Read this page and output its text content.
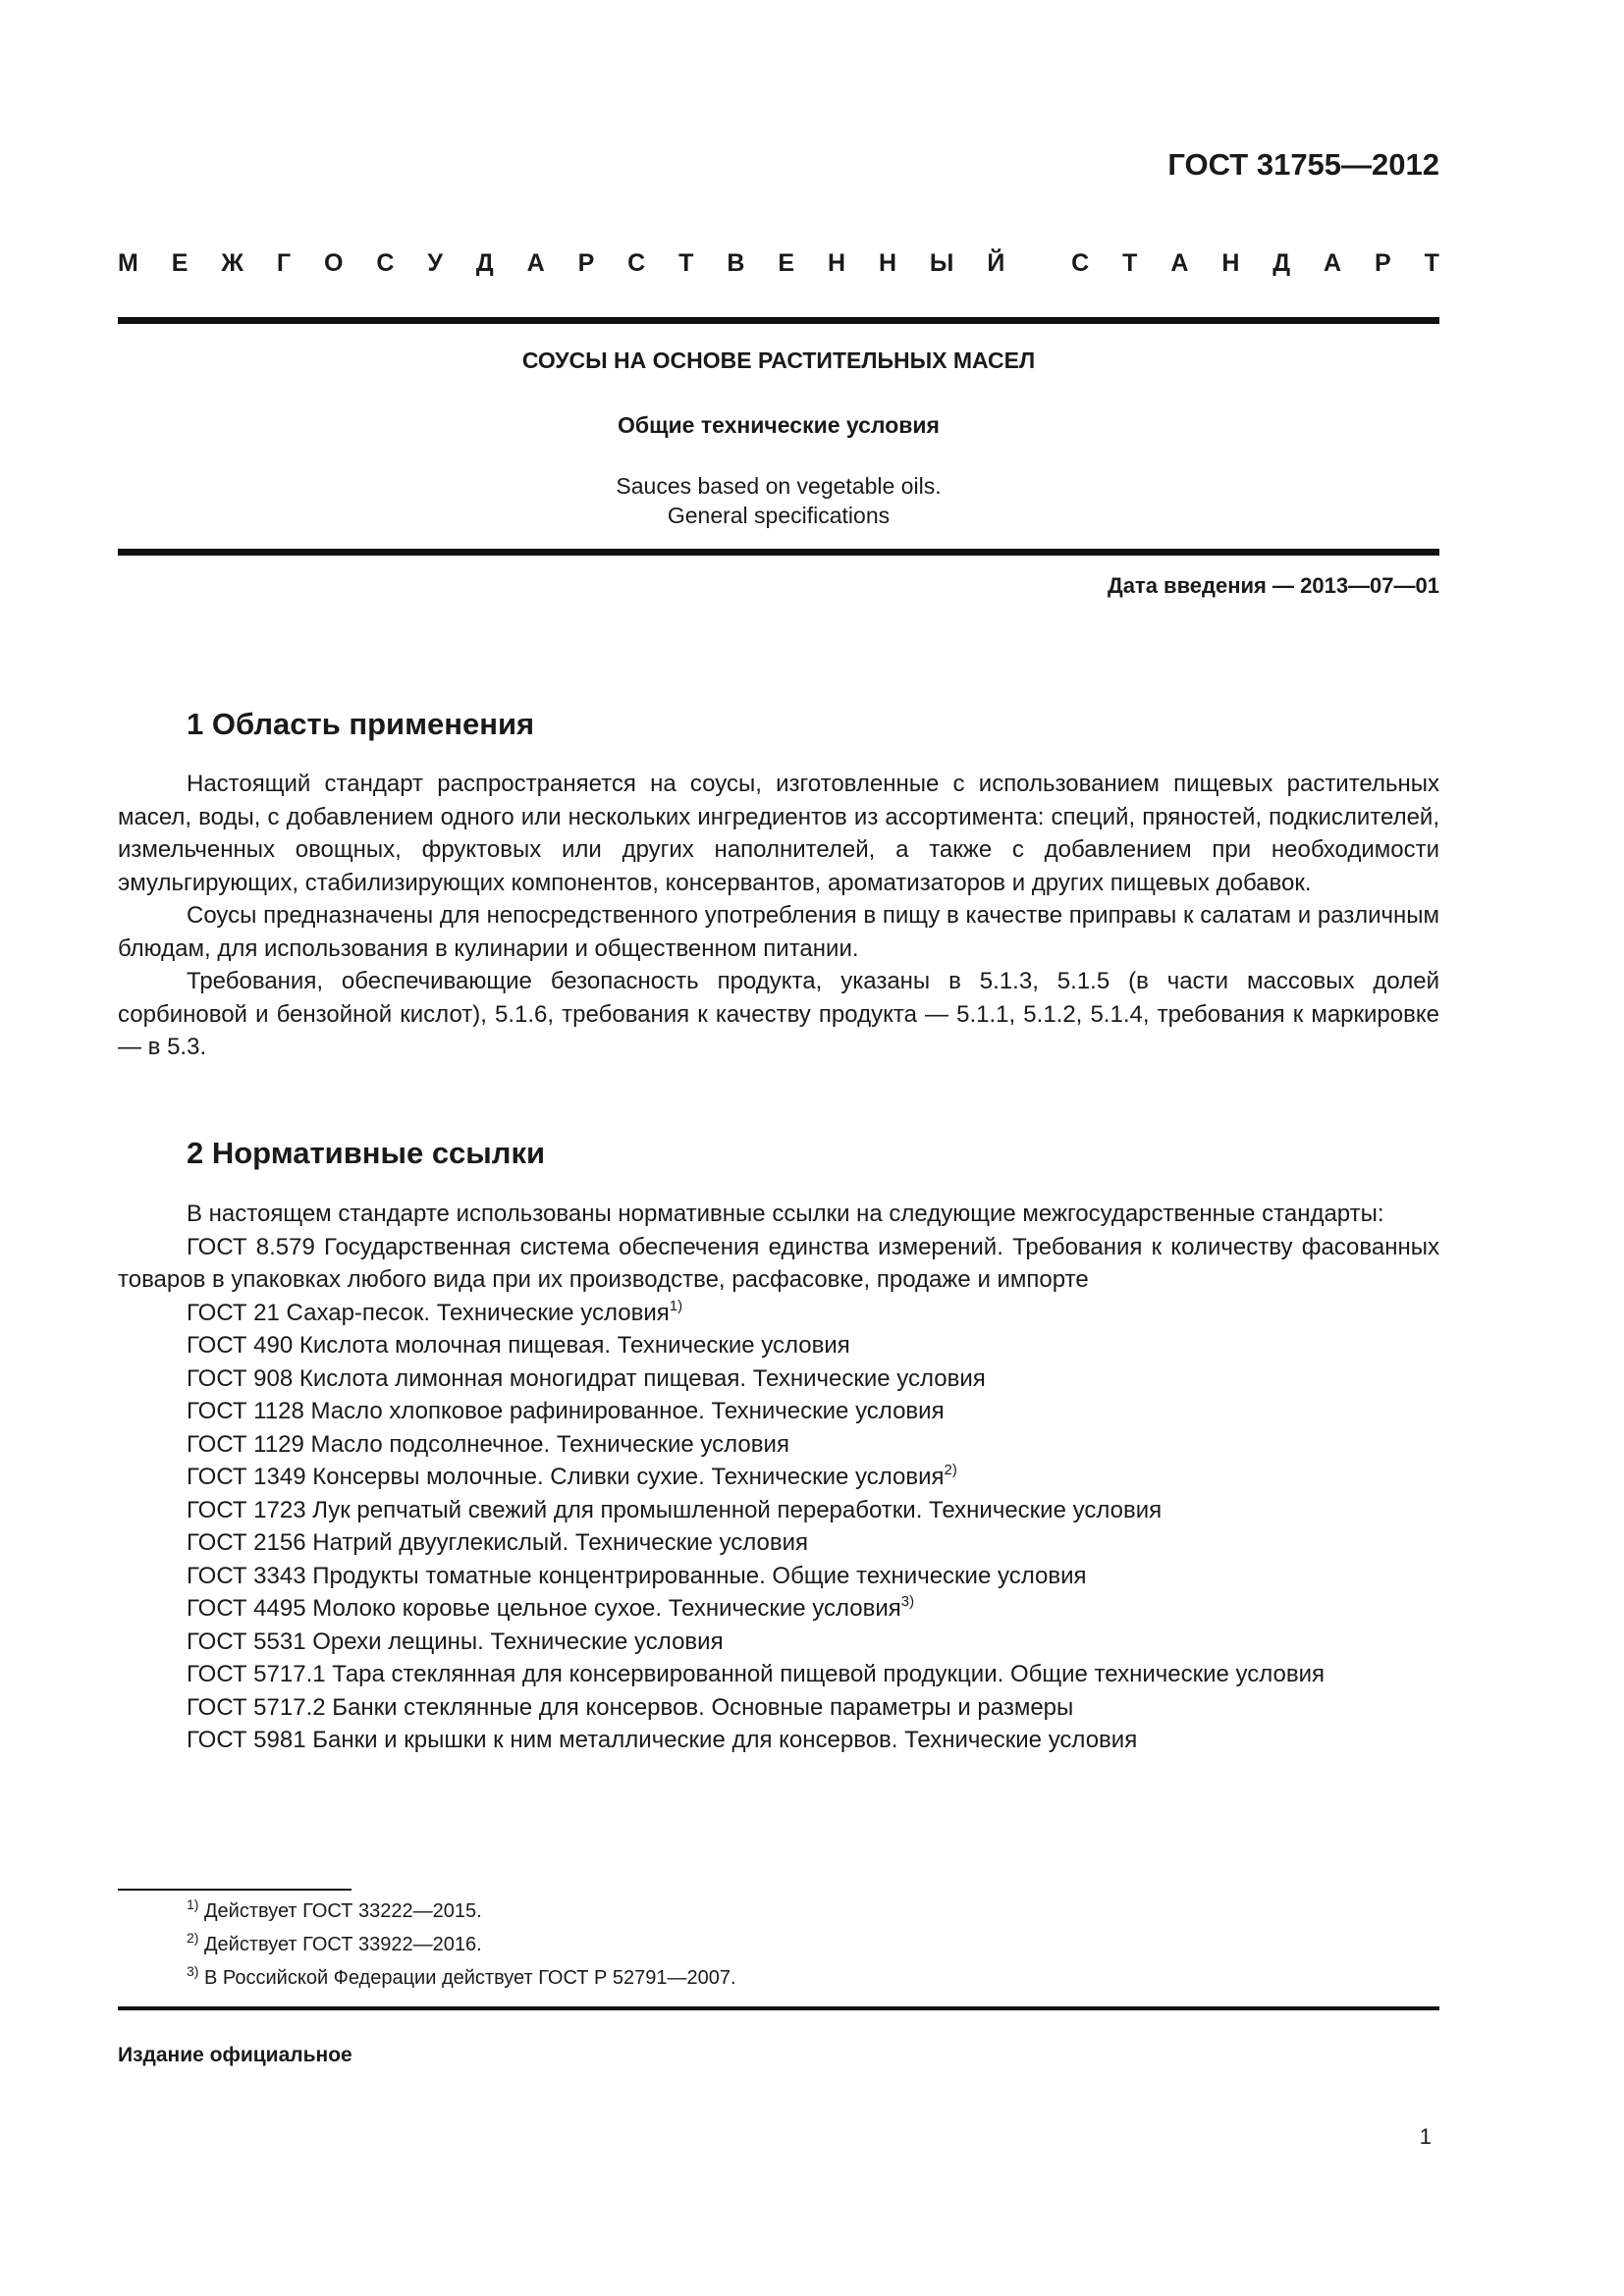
ГОСТ 31755—2012
М Е Ж Г О С У Д А Р С Т В Е Н Н Ы Й	С Т А Н Д А Р Т
СОУСЫ НА ОСНОВЕ РАСТИТЕЛЬНЫХ МАСЕЛ
Общие технические условия
Sauces based on vegetable oils.
General specifications
Дата введения — 2013—07—01
1 Область применения

Настоящий стандарт распространяется на соусы, изготовленные с использованием пищевых растительных масел, воды, с добавлением одного или нескольких ингредиентов из ассортимента: специй, пряностей, подкислителей, измельченных овощных, фруктовых или других наполнителей, а также с добавлением при необходимости эмульгирующих, стабилизирующих компонентов, консервантов, ароматизаторов и других пищевых добавок.

Соусы предназначены для непосредственного употребления в пищу в качестве приправы к салатам и различным блюдам, для использования в кулинарии и общественном питании.

Требования, обеспечивающие безопасность продукта, указаны в 5.1.3, 5.1.5 (в части массовых долей сорбиновой и бензойной кислот), 5.1.6, требования к качеству продукта — 5.1.1, 5.1.2, 5.1.4, требования к маркировке — в 5.3.

2 Нормативные ссылки

В настоящем стандарте использованы нормативные ссылки на следующие межгосударственные стандарты:

ГОСТ 8.579 Государственная система обеспечения единства измерений. Требования к количеству фасованных товаров в упаковках любого вида при их производстве, расфасовке, продаже и импорте

ГОСТ 21 Сахар-песок. Технические условия$^{1)}$

ГОСТ 490 Кислота молочная пищевая. Технические условия

ГОСТ 908 Кислота лимонная моногидрат пищевая. Технические условия

ГОСТ 1128 Масло хлопковое рафинированное. Технические условия

ГОСТ 1129 Масло подсолнечное. Технические условия

ГОСТ 1349 Консервы молочные. Сливки сухие. Технические условия$^{2)}$

ГОСТ 1723 Лук репчатый свежий для промышленной переработки. Технические условия

ГОСТ 2156 Натрий двууглекислый. Технические условия

ГОСТ 3343 Продукты томатные концентрированные. Общие технические условия

ГОСТ 4495 Молоко коровье цельное сухое. Технические условия$^{3)}$

ГОСТ 5531 Орехи лещины. Технические условия

ГОСТ 5717.1 Тара стеклянная для консервированной пищевой продукции. Общие технические условия

ГОСТ 5717.2 Банки стеклянные для консервов. Основные параметры и размеры

ГОСТ 5981 Банки и крышки к ним металлические для консервов. Технические условия

$^{1)}$ Действует ГОСТ 33222—2015.
$^{2)}$ Действует ГОСТ 33922—2016.
$^{3)}$ В Российской Федерации действует ГОСТ Р 52791—2007.
Издание официальное
1
